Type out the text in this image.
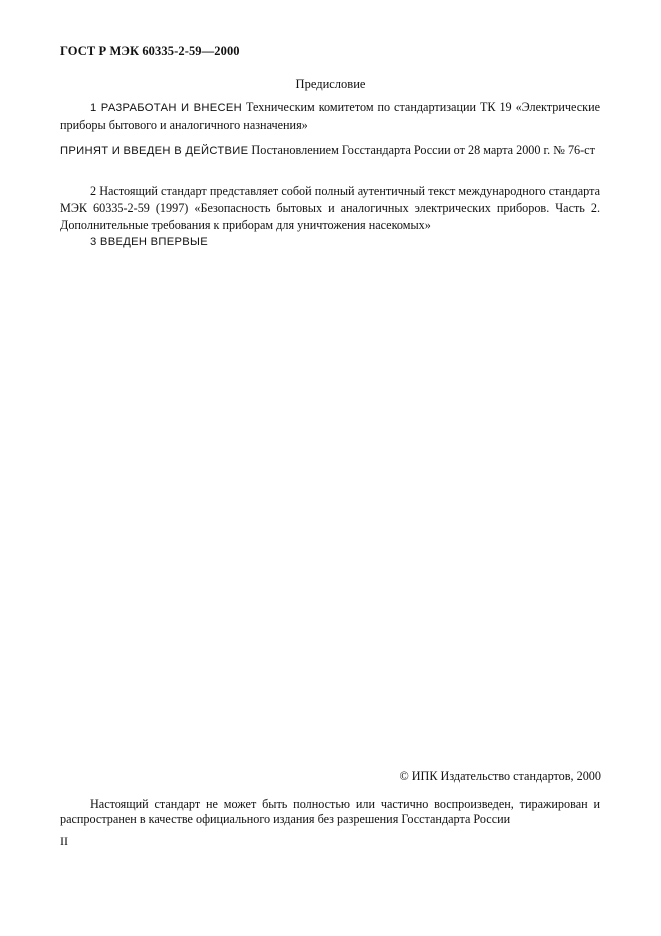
ГОСТ Р МЭК 60335-2-59—2000
Предисловие
1 РАЗРАБОТАН И ВНЕСЕН Техническим комитетом по стандартизации ТК 19 «Электрические приборы бытового и аналогичного назначения»
ПРИНЯТ И ВВЕДЕН В ДЕЙСТВИЕ Постановлением Госстандарта России от 28 марта 2000 г. № 76-ст
2 Настоящий стандарт представляет собой полный аутентичный текст международного стандарта МЭК 60335-2-59 (1997) «Безопасность бытовых и аналогичных электрических приборов. Часть 2. Дополнительные требования к приборам для уничтожения насекомых»
3 ВВЕДЕН ВПЕРВЫЕ
© ИПК Издательство стандартов, 2000
Настоящий стандарт не может быть полностью или частично воспроизведен, тиражирован и распространен в качестве официального издания без разрешения Госстандарта России
II
